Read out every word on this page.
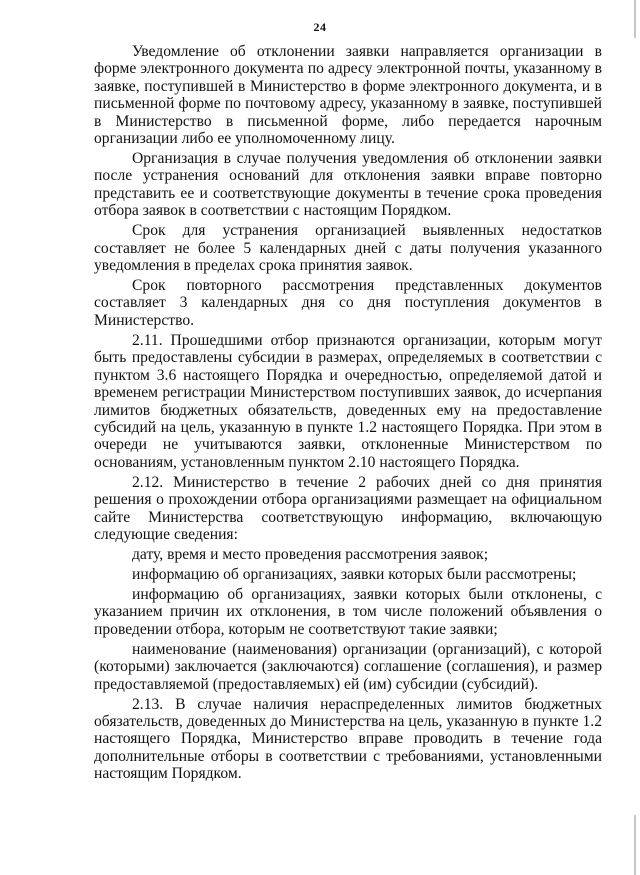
24

Уведомление об отклонении заявки направляется организации в форме электронного документа по адресу электронной почты, указанному в заявке, поступившей в Министерство в форме электронного документа, и в письменной форме по почтовому адресу, указанному в заявке, поступившей в Министерство в письменной форме, либо передается нарочным организации либо ее уполномоченному лицу.

Организация в случае получения уведомления об отклонении заявки после устранения оснований для отклонения заявки вправе повторно представить ее и соответствующие документы в течение срока проведения отбора заявок в соответствии с настоящим Порядком.

Срок для устранения организацией выявленных недостатков составляет не более 5 календарных дней с даты получения указанного уведомления в пределах срока принятия заявок.

Срок повторного рассмотрения представленных документов составляет 3 календарных дня со дня поступления документов в Министерство.

2.11. Прошедшими отбор признаются организации, которым могут быть предоставлены субсидии в размерах, определяемых в соответствии с пунктом 3.6 настоящего Порядка и очередностью, определяемой датой и временем регистрации Министерством поступивших заявок, до исчерпания лимитов бюджетных обязательств, доведенных ему на предоставление субсидий на цель, указанную в пункте 1.2 настоящего Порядка. При этом в очереди не учитываются заявки, отклоненные Министерством по основаниям, установленным пунктом 2.10 настоящего Порядка.

2.12. Министерство в течение 2 рабочих дней со дня принятия решения о прохождении отбора организациями размещает на официальном сайте Министерства соответствующую информацию, включающую следующие сведения:

дату, время и место проведения рассмотрения заявок;

информацию об организациях, заявки которых были рассмотрены;

информацию об организациях, заявки которых были отклонены, с указанием причин их отклонения, в том числе положений объявления о проведении отбора, которым не соответствуют такие заявки;

наименование (наименования) организации (организаций), с которой (которыми) заключается (заключаются) соглашение (соглашения), и размер предоставляемой (предоставляемых) ей (им) субсидии (субсидий).

2.13. В случае наличия нераспределенных лимитов бюджетных обязательств, доведенных до Министерства на цель, указанную в пункте 1.2 настоящего Порядка, Министерство вправе проводить в течение года дополнительные отборы в соответствии с требованиями, установленными настоящим Порядком.
